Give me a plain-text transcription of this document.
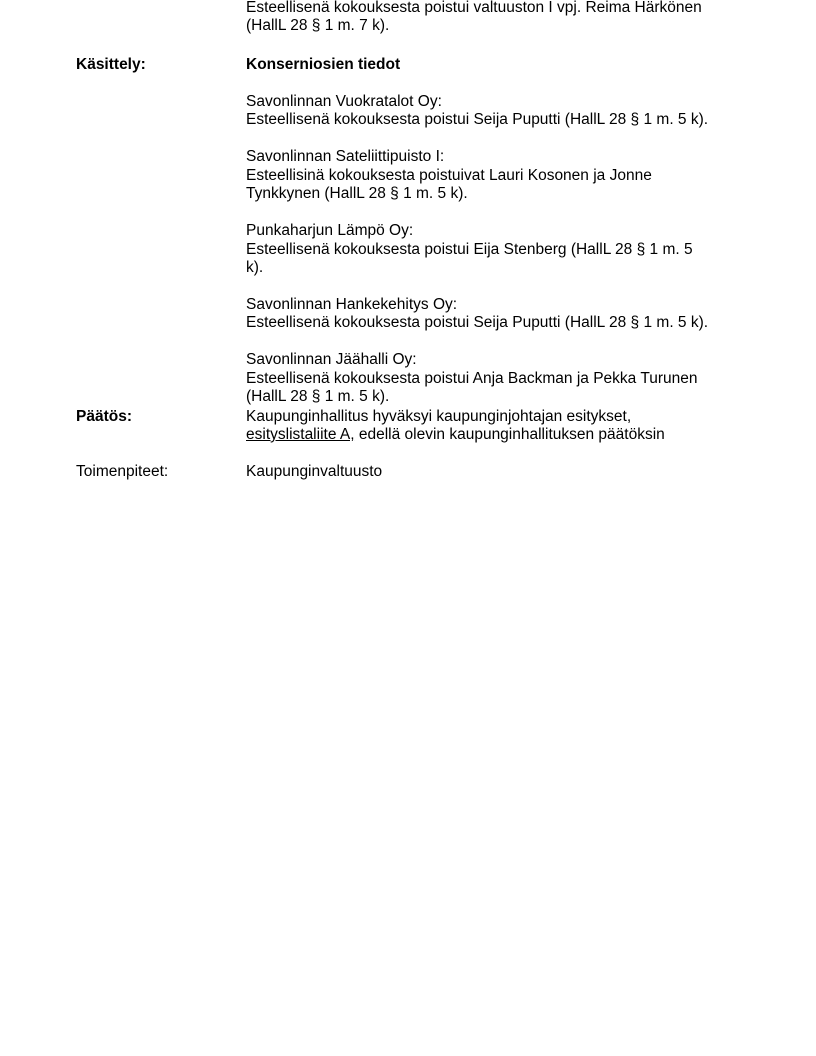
Esteellisenä kokouksesta poistui valtuuston I vpj. Reima Härkönen
(HallL 28 § 1 m. 7 k).
Käsittely:	Konserniosien tiedot
Savonlinnan Vuokratalot Oy:
Esteellisenä kokouksesta poistui Seija Puputti (HallL 28 § 1 m. 5 k).
Savonlinnan Sateliittipuisto I:
Esteellisinä kokouksesta poistuivat Lauri Kosonen ja Jonne
Tynkkynen (HallL 28 § 1 m. 5 k).
Punkaharjun Lämpö Oy:
Esteellisenä kokouksesta poistui Eija Stenberg (HallL 28 § 1 m. 5
k).
Savonlinnan Hankekehitys Oy:
Esteellisenä kokouksesta poistui Seija Puputti (HallL 28 § 1 m. 5 k).
Savonlinnan Jäähalli Oy:
Esteellisenä kokouksesta poistui Anja Backman ja Pekka Turunen
(HallL 28 § 1 m. 5 k).
Päätös:	Kaupunginhallitus hyväksyi kaupunginjohtajan esitykset,
esityslistaliite A, edellä olevin kaupunginhallituksen päätöksin
Toimenpiteet:	Kaupunginvaltuusto
